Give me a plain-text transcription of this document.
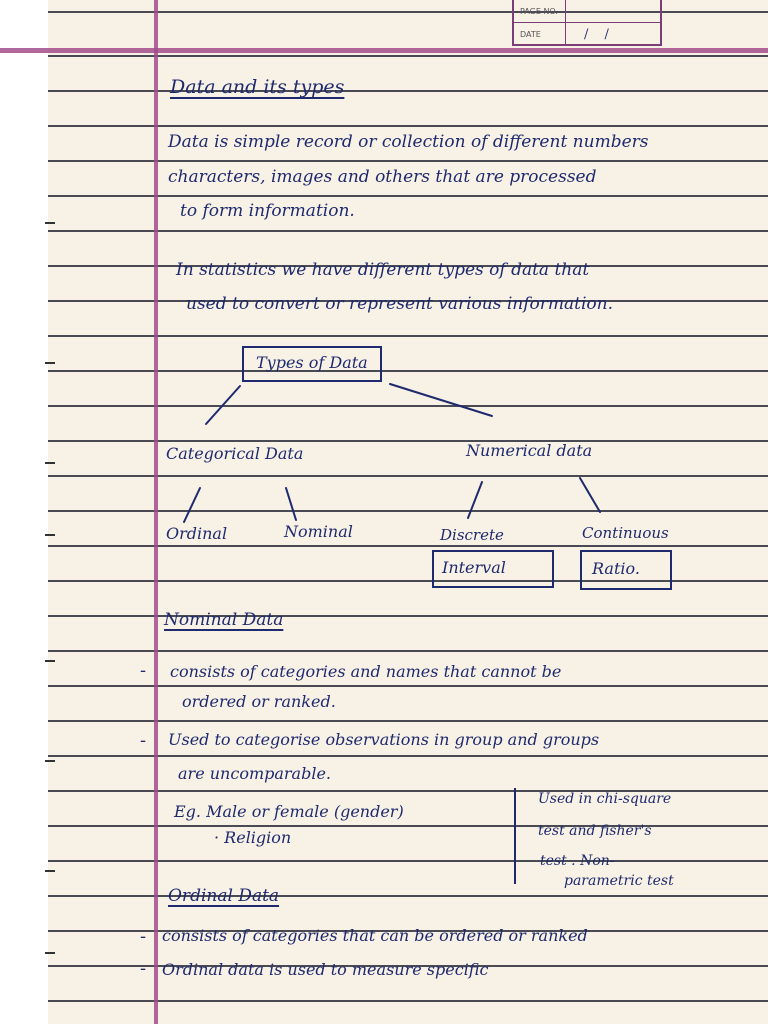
PAGE NO.
DATE	/ /
Data and its types
Data is simple record or collection of different numbers
characters, images and others that are processed
to form information.
In statistics we have different types of data that
used to convert or represent various information.
Types of Data
Categorical Data	Numerical data
Ordinal	Nominal	Discrete	Continuous
Interval	Ratio.
Nominal Data
- consists of categories and names that cannot be
ordered or ranked.
- Used to categorise observations in group and groups
are uncomparable.
Eg. Male or female (gender)
· Religion
Used in chi-square
test and fisher's
test . Non-
parametric test
Ordinal Data
- consists of categories that can be ordered or ranked
- Ordinal data is used to measure specific
